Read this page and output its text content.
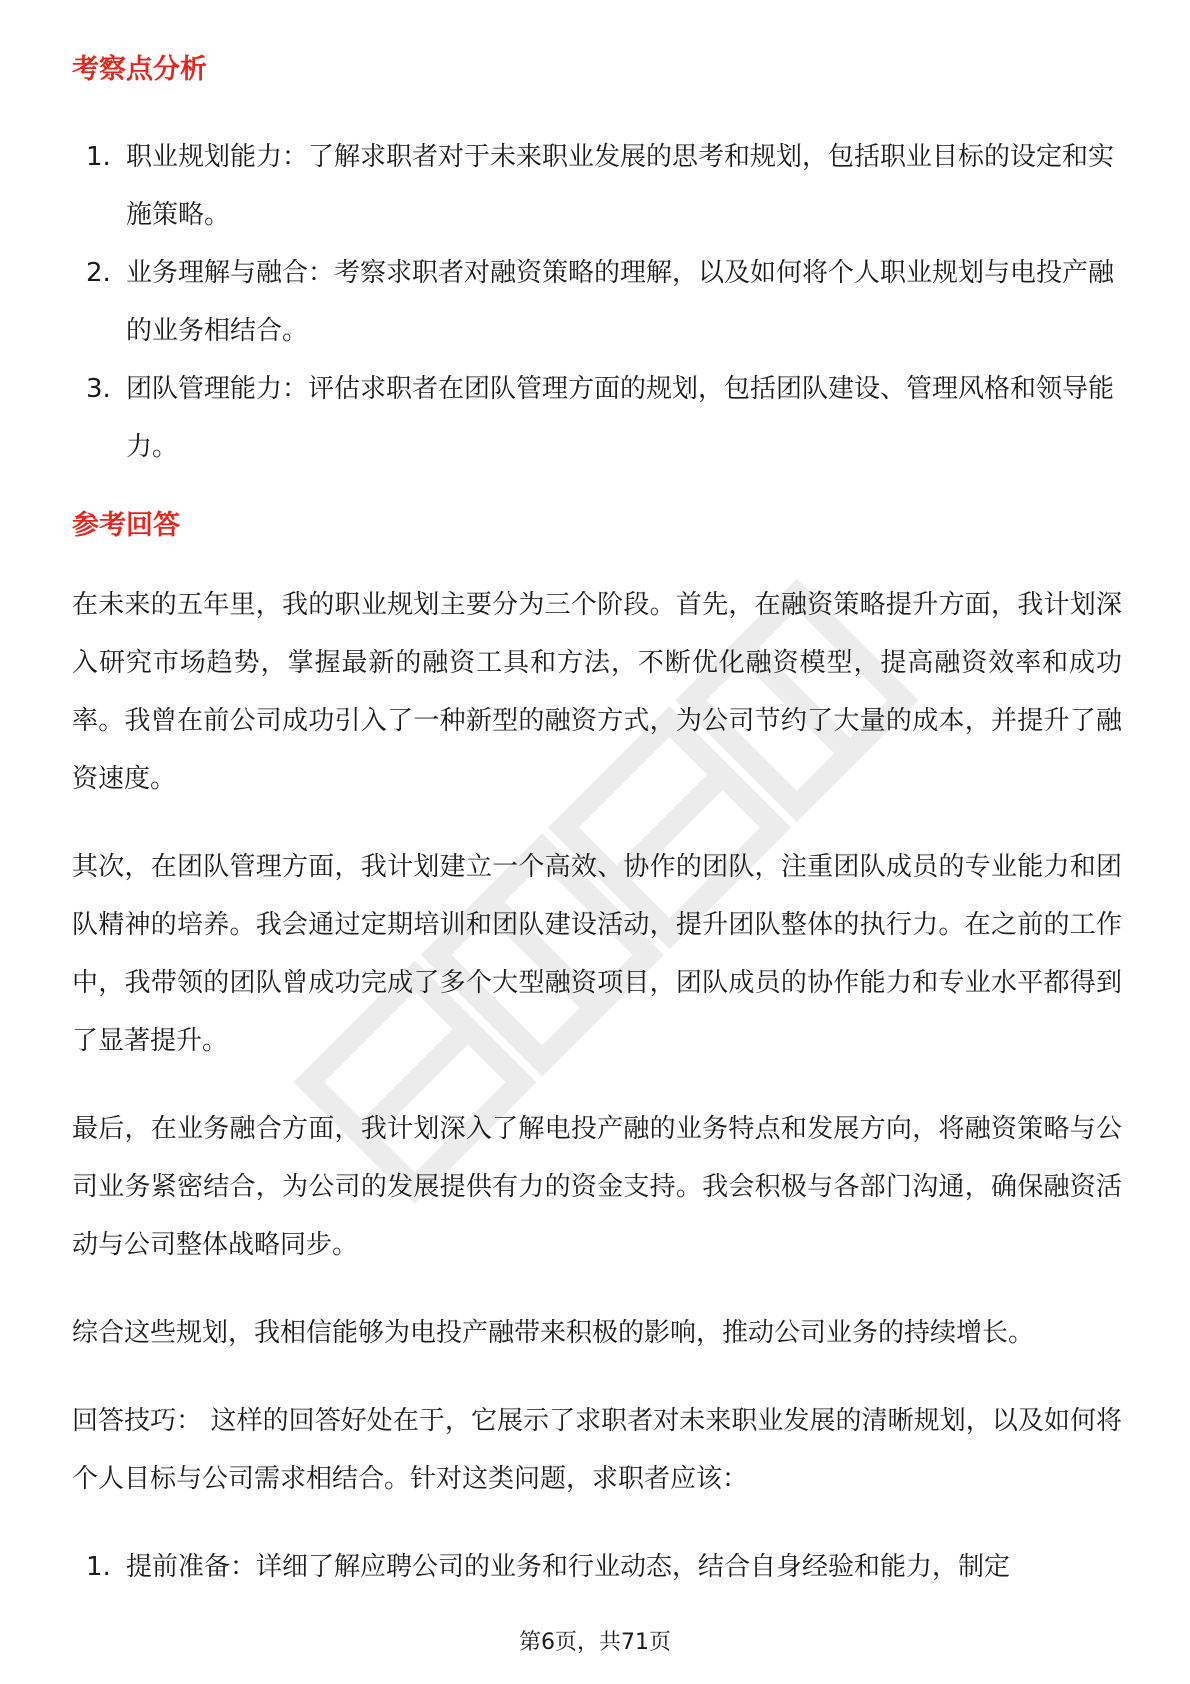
考察点分析
1. 职业规划能力：了解求职者对于未来职业发展的思考和规划，包括职业目标的设定和实施策略。
2. 业务理解与融合：考察求职者对融资策略的理解，以及如何将个人职业规划与电投产融的业务相结合。
3. 团队管理能力：评估求职者在团队管理方面的规划，包括团队建设、管理风格和领导能力。
参考回答

在未来的五年里，我的职业规划主要分为三个阶段。首先，在融资策略提升方面，我计划深入研究市场趋势，掌握最新的融资工具和方法，不断优化融资模型，提高融资效率和成功率。我曾在前公司成功引入了一种新型的融资方式，为公司节约了大量的成本，并提升了融资速度。

其次，在团队管理方面，我计划建立一个高效、协作的团队，注重团队成员的专业能力和团队精神的培养。我会通过定期培训和团队建设活动，提升团队整体的执行力。在之前的工作中，我带领的团队曾成功完成了多个大型融资项目，团队成员的协作能力和专业水平都得到了显著提升。

最后，在业务融合方面，我计划深入了解电投产融的业务特点和发展方向，将融资策略与公司业务紧密结合，为公司的发展提供有力的资金支持。我会积极与各部门沟通，确保融资活动与公司整体战略同步。

综合这些规划，我相信能够为电投产融带来积极的影响，推动公司业务的持续增长。

回答技巧： 这样的回答好处在于，它展示了求职者对未来职业发展的清晰规划，以及如何将个人目标与公司需求相结合。针对这类问题，求职者应该：

1. 提前准备：详细了解应聘公司的业务和行业动态，结合自身经验和能力，制定
第6页，共71页
